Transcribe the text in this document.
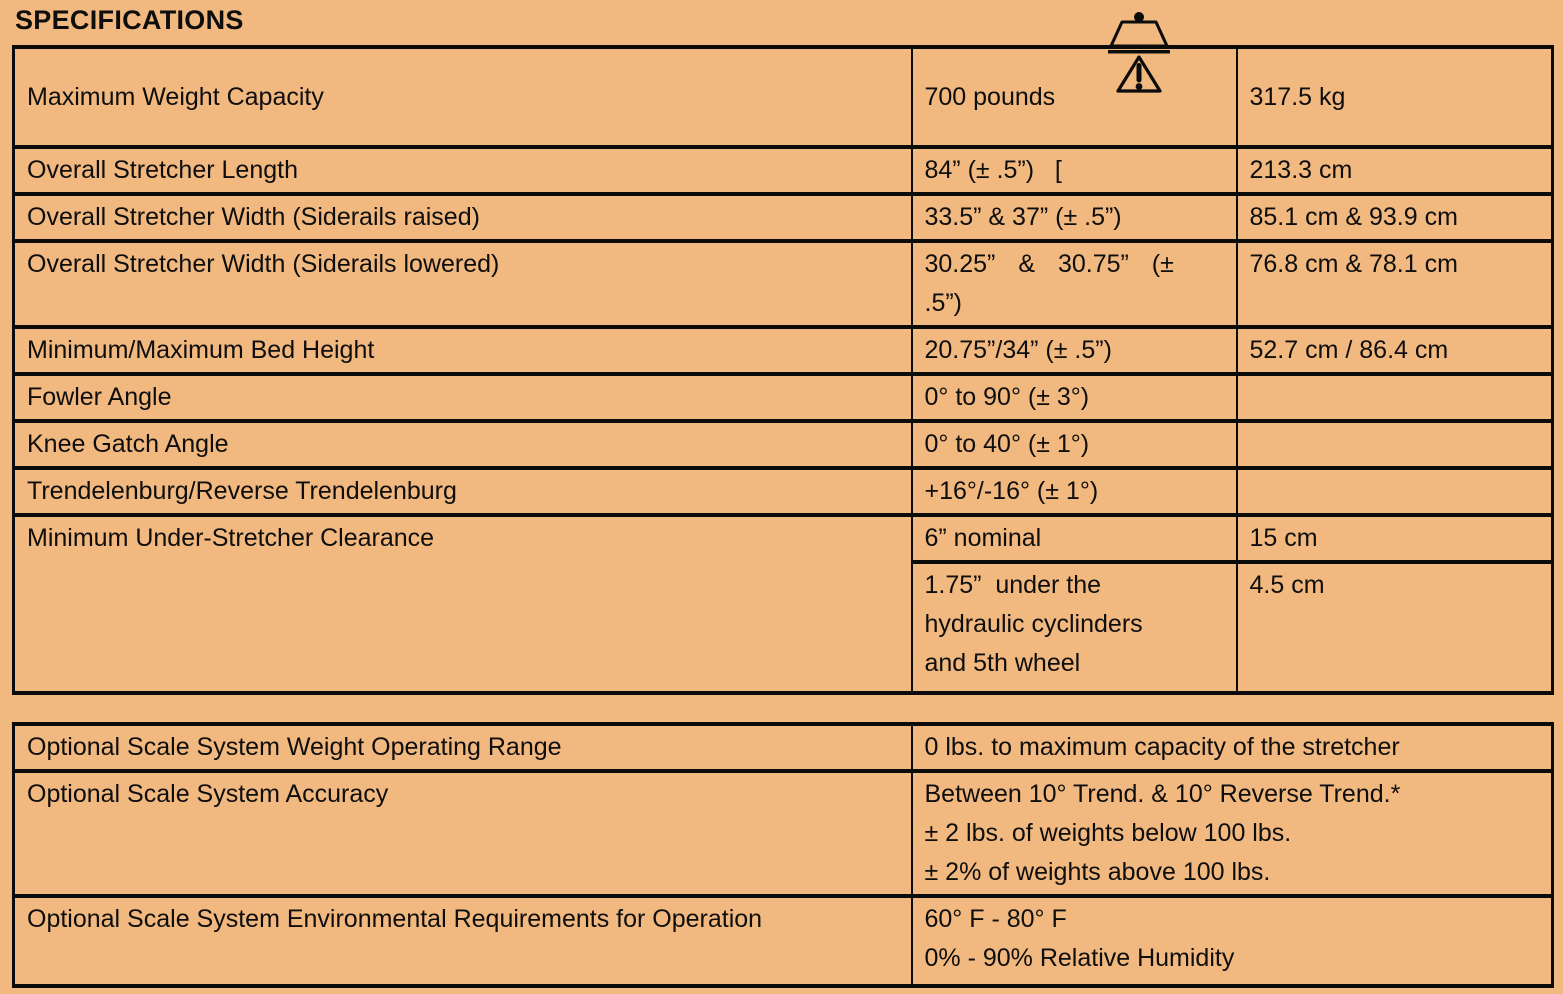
SPECIFICATIONS
Maximum Weight Capacity	700 pounds	317.5 kg
Overall Stretcher Length	84” (± .5”)   [	213.3 cm
Overall Stretcher Width (Siderails raised)	33.5” & 37” (± .5”)	85.1 cm & 93.9 cm
Overall Stretcher Width (Siderails lowered)	30.25” & 30.75” (±
.5”)	76.8 cm & 78.1 cm
Minimum/Maximum Bed Height	20.75”/34” (± .5”)	52.7 cm / 86.4 cm
Fowler Angle	0° to 90° (± 3°)	
Knee Gatch Angle	0° to 40° (± 1°)	
Trendelenburg/Reverse Trendelenburg	+16°/-16° (± 1°)	
Minimum Under-Stretcher Clearance	6” nominal	15 cm

	1.75”  under the
hydraulic cyclinders
and 5th wheel	4.5 cm
Optional Scale System Weight Operating Range	0 lbs. to maximum capacity of the stretcher
Optional Scale System Accuracy	Between 10° Trend. & 10° Reverse Trend.*
± 2 lbs. of weights below 100 lbs.
± 2% of weights above 100 lbs.

Optional Scale System Environmental Requirements for Operation	60° F - 80° F
0% - 90% Relative Humidity
